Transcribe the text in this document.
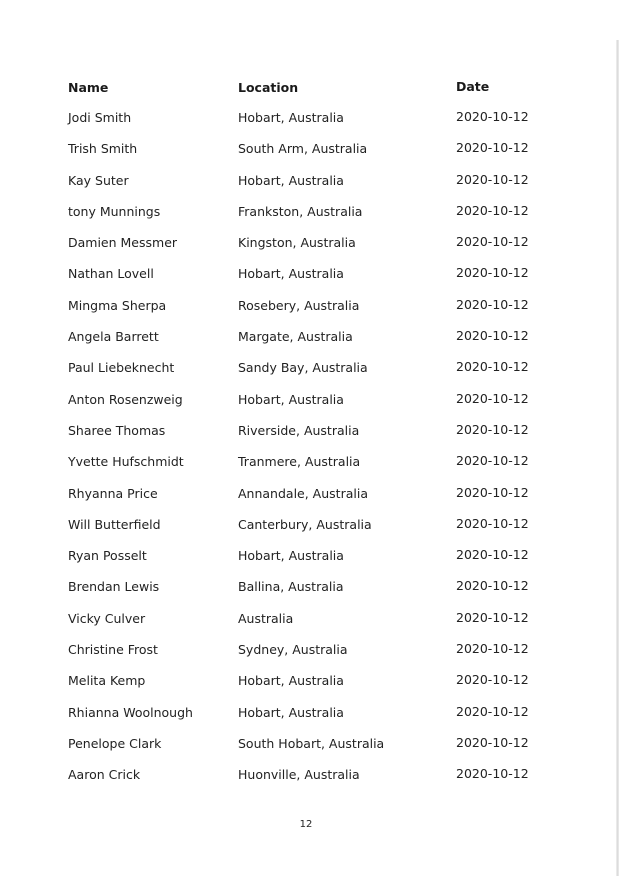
Name	Location	Date
Jodi Smith	Hobart, Australia	2020-10-12
Trish Smith	South Arm, Australia	2020-10-12
Kay Suter	Hobart, Australia	2020-10-12
tony Munnings	Frankston, Australia	2020-10-12
Damien Messmer	Kingston, Australia	2020-10-12
Nathan Lovell	Hobart, Australia	2020-10-12
Mingma Sherpa	Rosebery, Australia	2020-10-12
Angela Barrett	Margate, Australia	2020-10-12
Paul Liebeknecht	Sandy Bay, Australia	2020-10-12
Anton Rosenzweig	Hobart, Australia	2020-10-12
Sharee Thomas	Riverside, Australia	2020-10-12
Yvette Hufschmidt	Tranmere, Australia	2020-10-12
Rhyanna Price	Annandale, Australia	2020-10-12
Will Butterfield	Canterbury, Australia	2020-10-12
Ryan Posselt	Hobart, Australia	2020-10-12
Brendan Lewis	Ballina, Australia	2020-10-12
Vicky Culver	Australia	2020-10-12
Christine Frost	Sydney, Australia	2020-10-12
Melita Kemp	Hobart, Australia	2020-10-12
Rhianna Woolnough	Hobart, Australia	2020-10-12
Penelope Clark	South Hobart, Australia	2020-10-12
Aaron Crick	Huonville, Australia	2020-10-12
12
